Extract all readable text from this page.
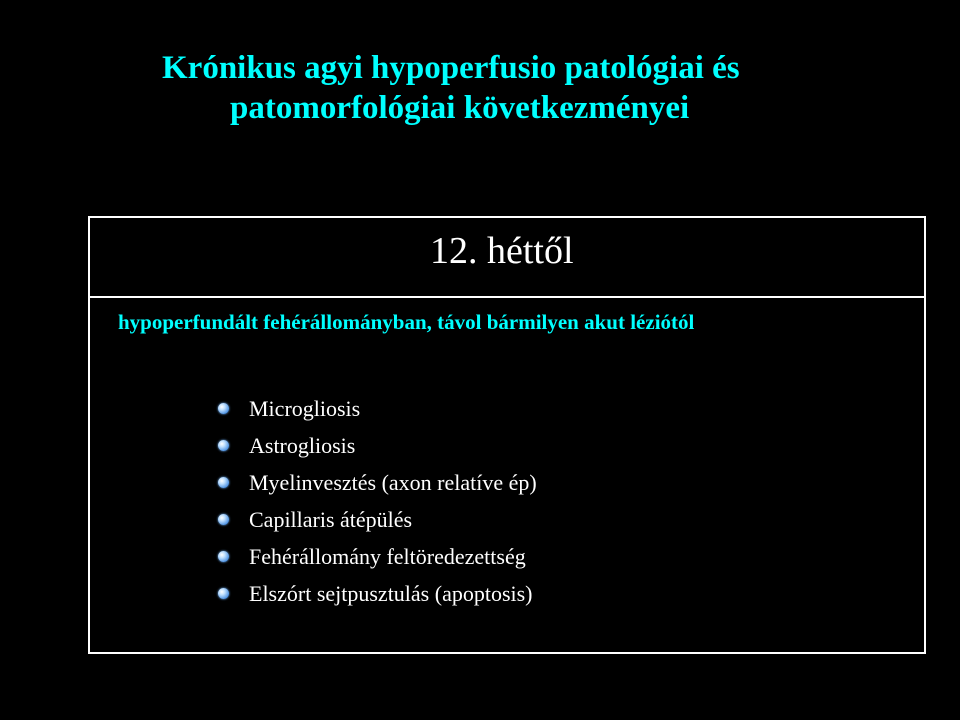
Krónikus agyi hypoperfusio patológiai és
patomorfológiai következményei
12. héttől

hypoperfundált fehérállományban, távol bármilyen akut léziótól

Microgliosis
Astrogliosis
Myelinvesztés (axon relatíve ép)
Capillaris átépülés
Fehérállomány feltöredezettség
Elszórt sejtpusztulás (apoptosis)
